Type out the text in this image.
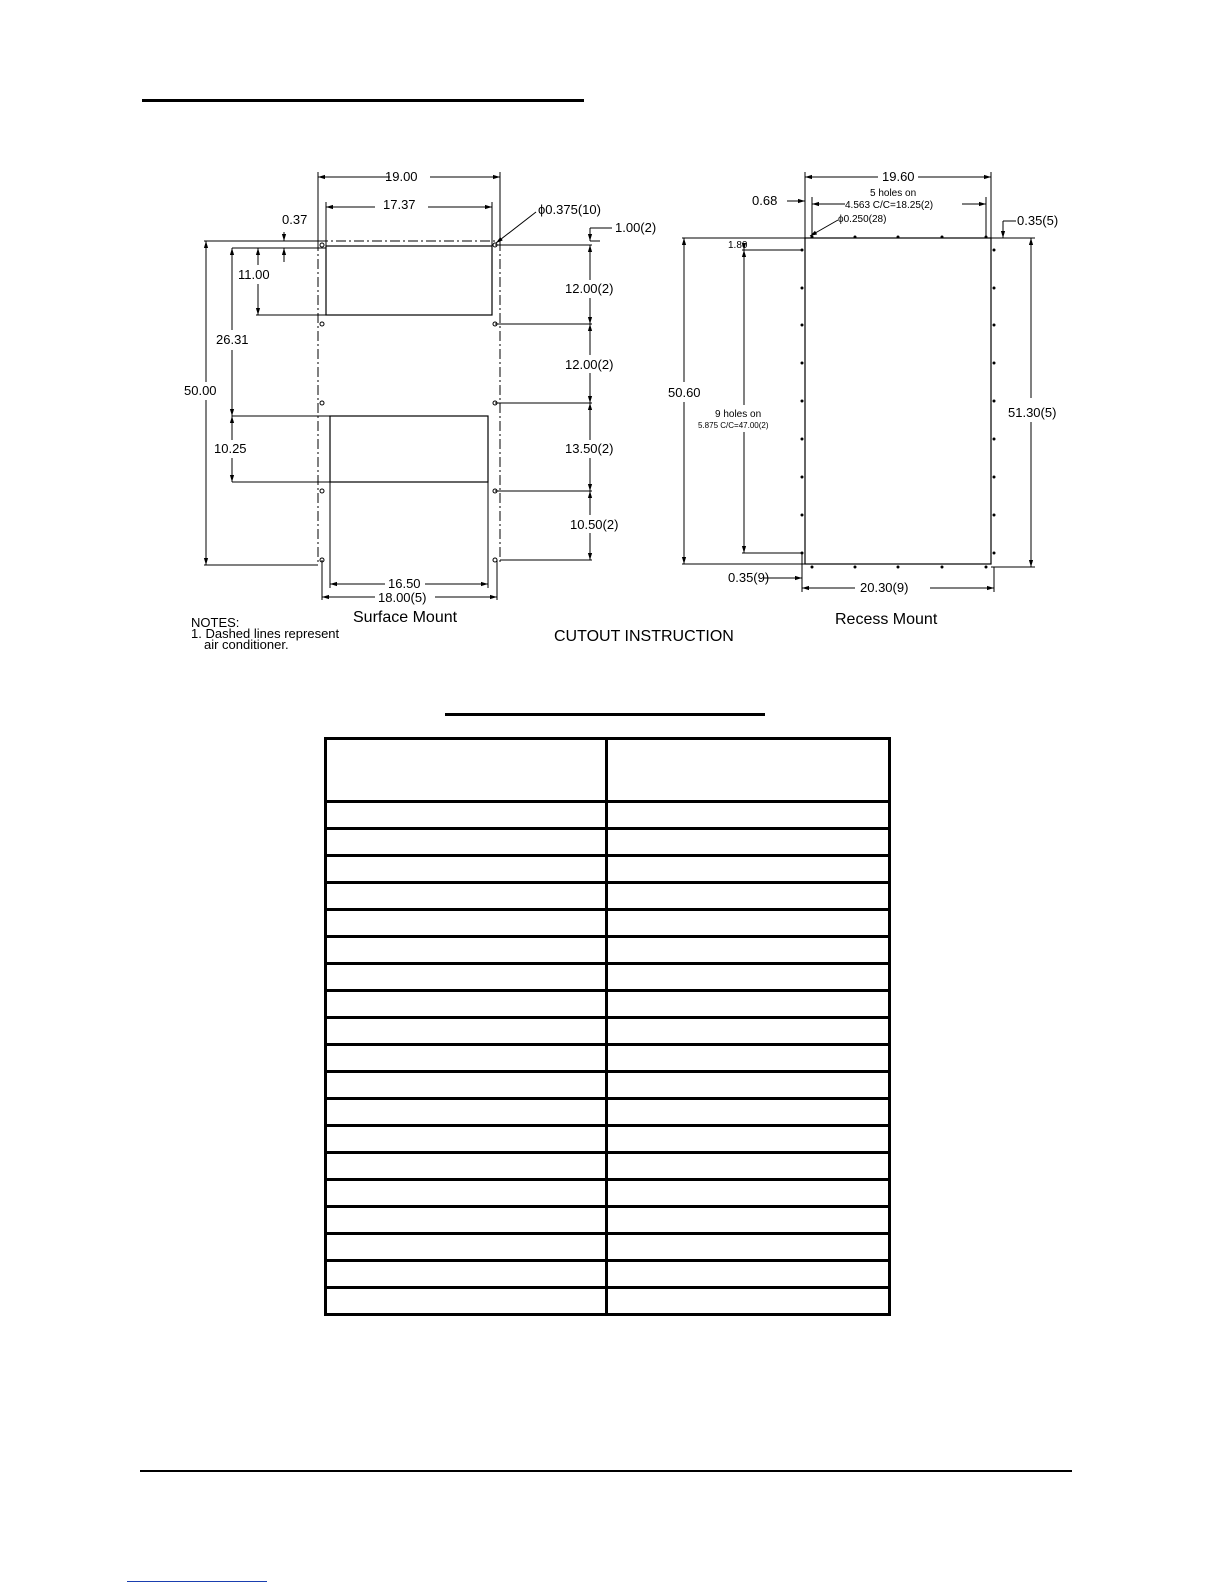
19.00
17.37	ϕ0.375(10)
1.00(2)
0.37
11.00
26.31
10.25
50.00
12.00(2)
12.00(2)
13.50(2)
10.50(2)
16.50
18.00(5)
Surface Mount
NOTES:
1. Dashed lines represent
air conditioner.	CUTOUT INSTRUCTION
19.60
0.68	5 holes on
4.563 C/C=18.25(2)
ϕ0.250(28)	0.35(5)
1.80
50.60
9 holes on
5.875 C/C=47.00(2)
51.30(5)
0.35(9)
20.30(9)
Recess Mount
